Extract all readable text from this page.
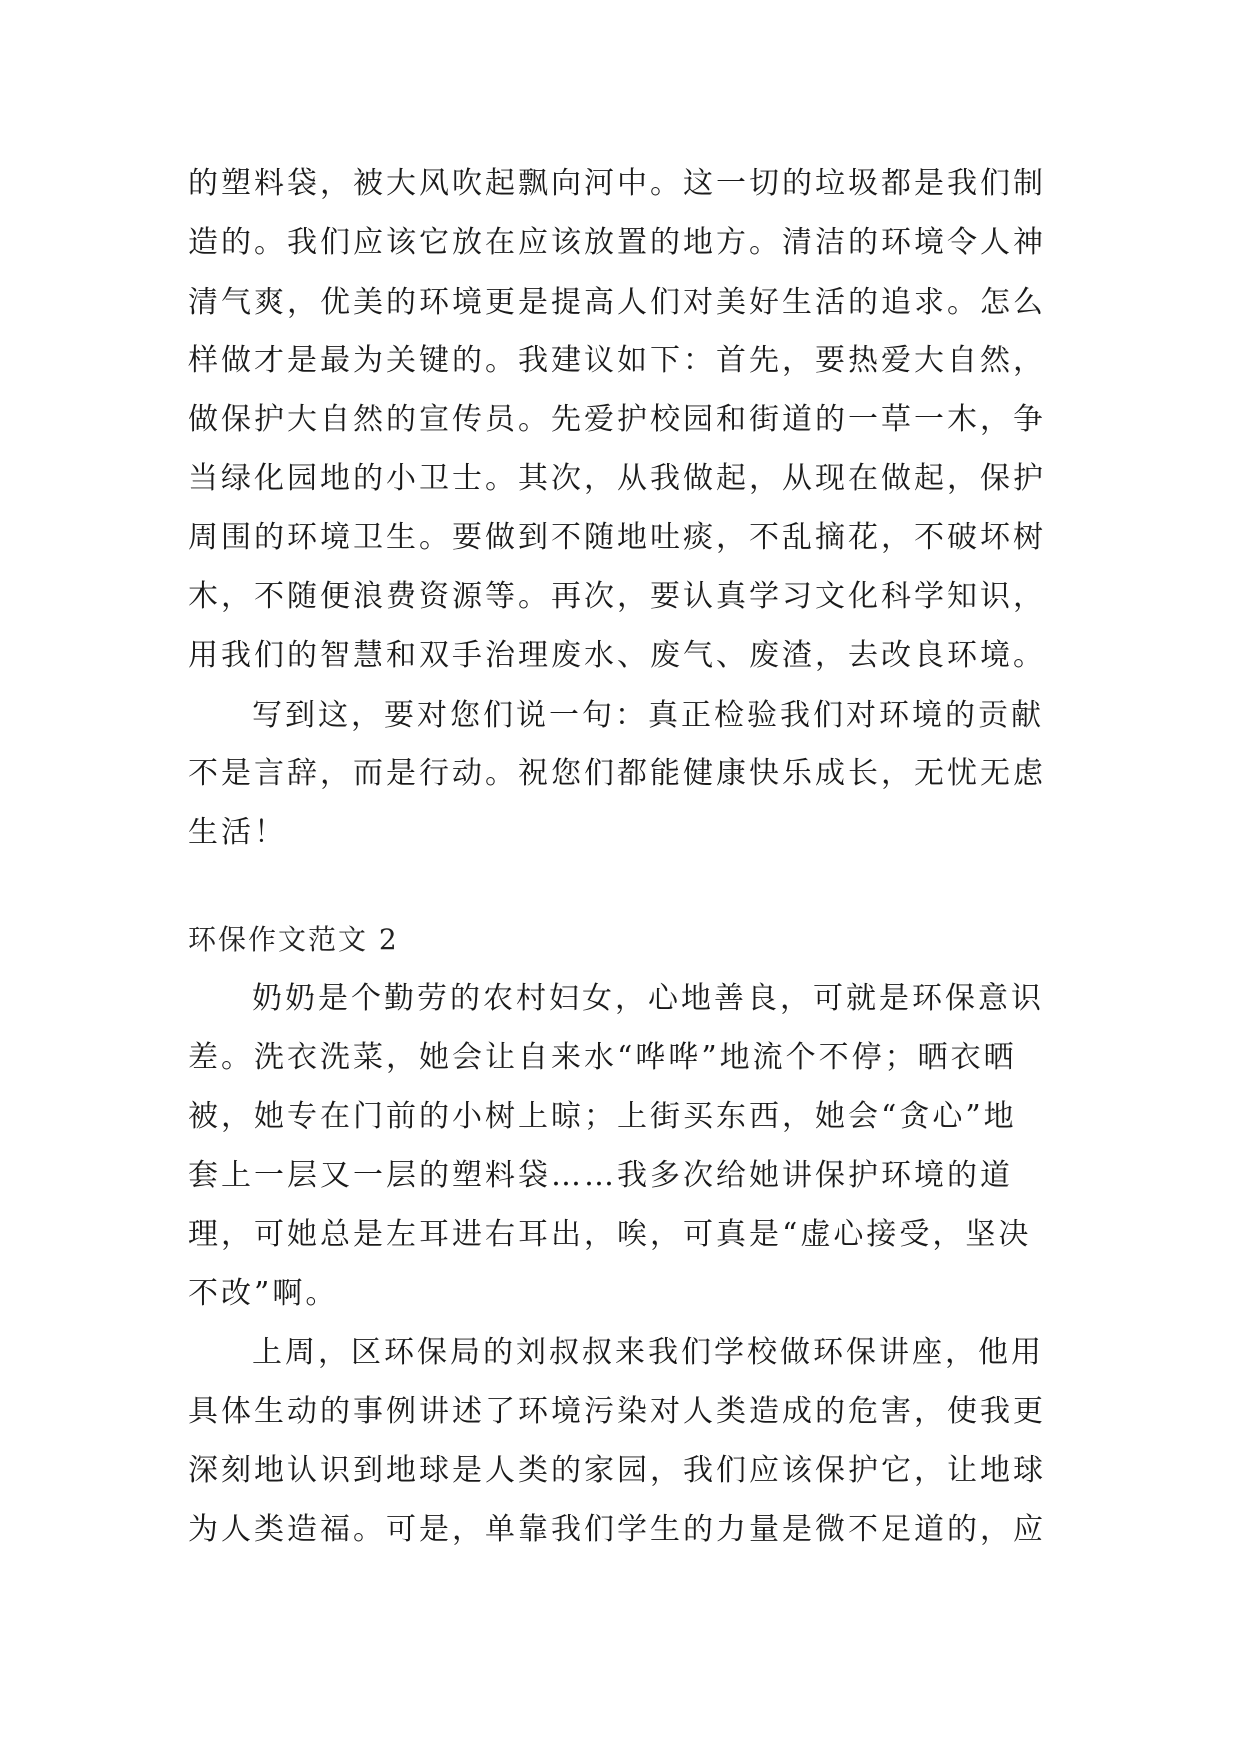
的塑料袋，被大风吹起飘向河中。这一切的垃圾都是我们制
造的。我们应该它放在应该放置的地方。清洁的环境令人神
清气爽，优美的环境更是提高人们对美好生活的追求。怎么
样做才是最为关键的。我建议如下：首先，要热爱大自然，
做保护大自然的宣传员。先爱护校园和街道的一草一木，争
当绿化园地的小卫士。其次，从我做起，从现在做起，保护
周围的环境卫生。要做到不随地吐痰，不乱摘花，不破坏树
木，不随便浪费资源等。再次，要认真学习文化科学知识，
用我们的智慧和双手治理废水、废气、废渣，去改良环境。
写到这，要对您们说一句：真正检验我们对环境的贡献
不是言辞，而是行动。祝您们都能健康快乐成长，无忧无虑
生活！
环保作文范文 2
奶奶是个勤劳的农村妇女，心地善良，可就是环保意识
差。洗衣洗菜，她会让自来水“哗哗”地流个不停；晒衣晒
被，她专在门前的小树上晾；上街买东西，她会“贪心”地
套上一层又一层的塑料袋……我多次给她讲保护环境的道
理，可她总是左耳进右耳出，唉，可真是“虚心接受，坚决
不改”啊。
上周，区环保局的刘叔叔来我们学校做环保讲座，他用
具体生动的事例讲述了环境污染对人类造成的危害，使我更
深刻地认识到地球是人类的家园，我们应该保护它，让地球
为人类造福。可是，单靠我们学生的力量是微不足道的，应
